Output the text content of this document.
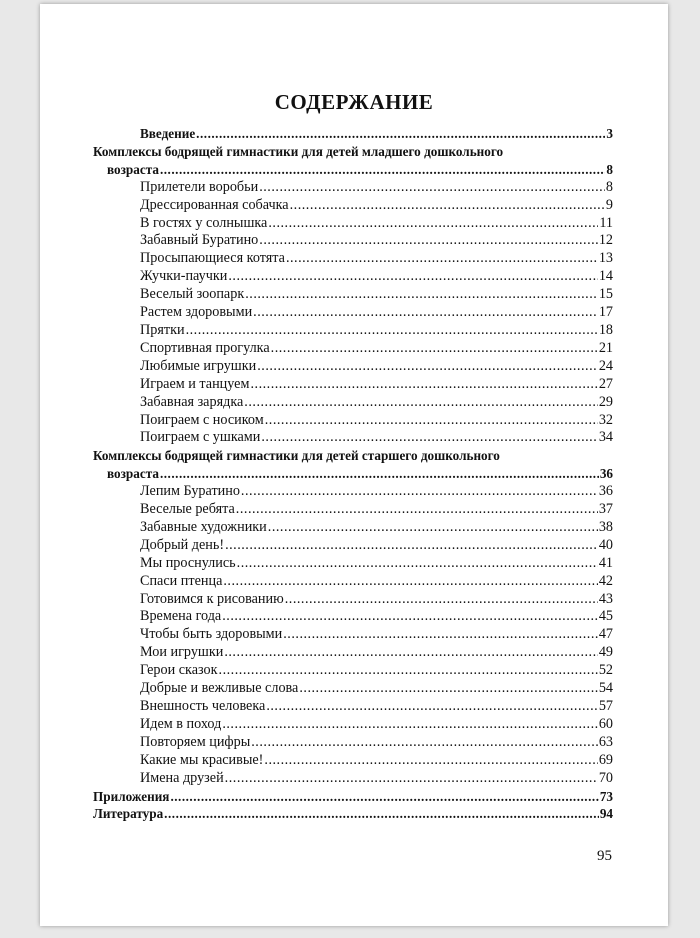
СОДЕРЖАНИЕ
Введение .....	3
Комплексы бодрящей гимнастики для детей младшего дошкольного
возраста .....	8
Прилетели воробьи .....	8
Дрессированная собачка .....	9
В гостях у солнышка .....	11
Забавный Буратино .....	12
Просыпающиеся котята .....	13
Жучки-паучки .....	14
Веселый зоопарк .....	15
Растем здоровыми .....	17
Прятки .....	18
Спортивная прогулка .....	21
Любимые игрушки .....	24
Играем и танцуем .....	27
Забавная зарядка .....	29
Поиграем с носиком .....	32
Поиграем с ушками .....	34
Комплексы бодрящей гимнастики для детей старшего дошкольного
возраста .....	36
Лепим Буратино .....	36
Веселые ребята .....	37
Забавные художники .....	38
Добрый день! .....	40
Мы проснулись .....	41
Спаси птенца .....	42
Готовимся к рисованию .....	43
Времена года .....	45
Чтобы быть здоровыми .....	47
Мои игрушки .....	49
Герои сказок .....	52
Добрые и вежливые слова .....	54
Внешность человека .....	57
Идем в поход .....	60
Повторяем цифры .....	63
Какие мы красивые! .....	69
Имена друзей .....	70
Приложения .....	73
Литература .....	94
95
